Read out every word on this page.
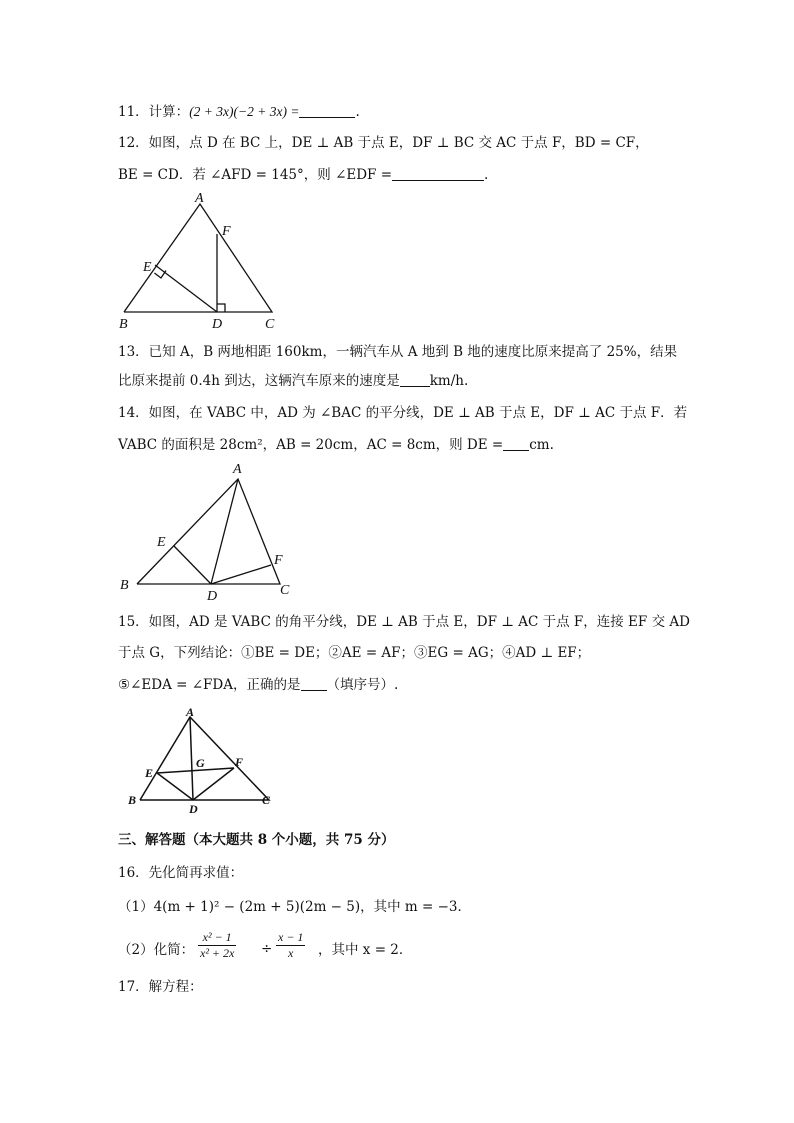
11．计算：(2 + 3x)(−2 + 3x) =	.
12．如图，点 D 在 BC 上，DE ⊥ AB 于点 E，DF ⊥ BC 交 AC 于点 F，BD = CF，
BE = CD．若 ∠AFD = 145°，则 ∠EDF =	.
A
F
E
B	D	C
13．已知 A，B 两地相距 160km，一辆汽车从 A 地到 B 地的速度比原来提高了 25%，结果
比原来提前 0.4h 到达，这辆汽车原来的速度是 km/h.
14．如图，在 VABC 中，AD 为 ∠BAC 的平分线，DE ⊥ AB 于点 E，DF ⊥ AC 于点 F．若
VABC 的面积是 28cm²，AB = 20cm，AC = 8cm，则 DE = cm.
A
E
F
B
D	C
15．如图，AD 是 VABC 的角平分线，DE ⊥ AB 于点 E，DF ⊥ AC 于点 F，连接 EF 交 AD
于点 G，下列结论：①BE = DE；②AE = AF；③EG = AG；④AD ⊥ EF；
⑤∠EDA = ∠FDA，正确的是 （填序号）.
A
G
E
F
B
D
C
三、解答题（本大题共 8 个小题，共 75 分）
16．先化简再求值：
（1）4(m + 1)² − (2m + 5)(2m − 5)，其中 m = −3．
（2）化简： $\frac{\text{x² − 1}}{\text{x² + 2x}} \div \frac{x - 1}{x}$ ，其中 x = 2．
17．解方程：
